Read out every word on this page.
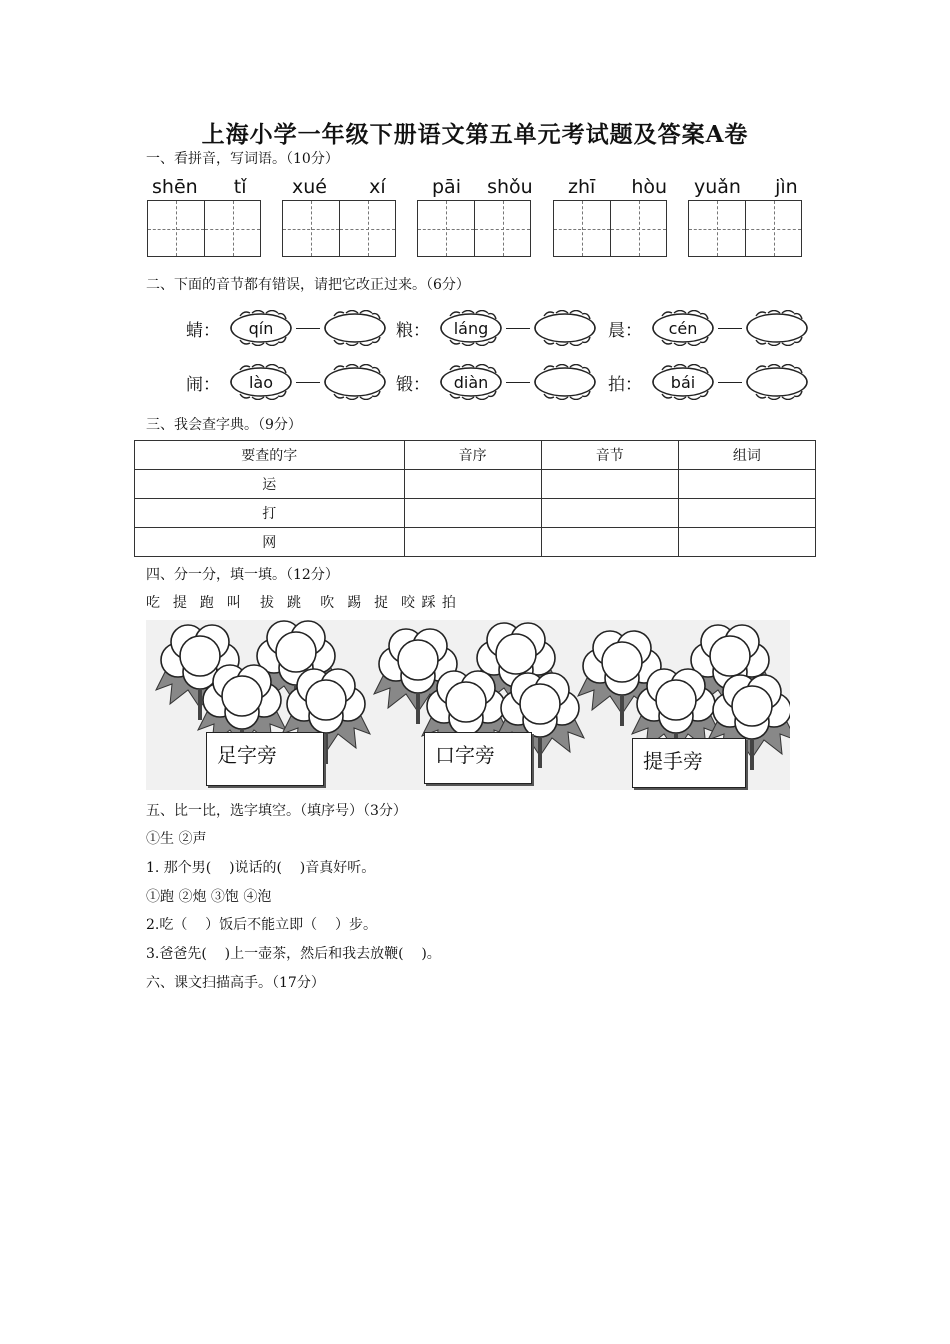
上海小学一年级下册语文第五单元考试题及答案A卷
一、看拼音，写词语。（10分）
shēn tǐ xué xí pāi shǒu zhī hòu yuǎn jìn
二、下面的音节都有错误，请把它改正过来。（6分）
蜻：	qín	粮：	láng	晨：	cén
闹：	lào	锻：	diàn	拍：	bái
三、我会查字典。（9分）
要查的字	音序	音节	组词
运			
打			
网			
四、分一分，填一填。（12分）
吃  提  跑  叫   拔  跳   吹  踢  捉  咬 踩 拍
足字旁	口字旁	提手旁
五、比一比，选字填空。（填序号）（3分）
①生 ②声
1. 那个男(    )说话的(    )音真好听。
①跑 ②炮 ③饱 ④泡
2.吃（    ）饭后不能立即（    ）步。
3.爸爸先(    )上一壶茶，然后和我去放鞭(    )。
六、课文扫描高手。（17分）
